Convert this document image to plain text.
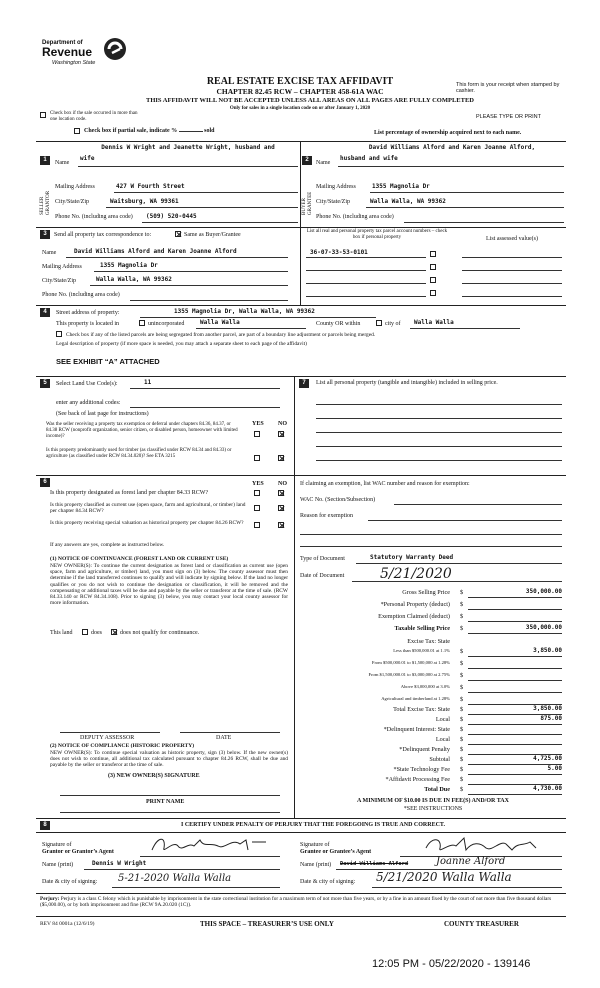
Department of
Revenue
Washington State
REAL ESTATE EXCISE TAX AFFIDAVIT
CHAPTER 82.45 RCW – CHAPTER 458-61A WAC
THIS AFFIDAVIT WILL NOT BE ACCEPTED UNLESS ALL AREAS ON ALL PAGES ARE FULLY COMPLETED
Only for sales in a single location code on or after January 1, 2020
This form is your receipt when stamped by cashier.
PLEASE TYPE OR PRINT
Check box if the sale occurred in more than one location code.
Check box if partial sale, indicate %	sold	List percentage of ownership acquired next to each name.
1
SELLER GRANTOR
Name
Dennis W Wright and Jeanette Wright, husband and
wife
Mailing Address	427 W Fourth Street
City/State/Zip	Waitsburg, WA 99361
Phone No. (including area code) (509) 520-0445
2
BUYER GRANTEE
Name
David Williams Alford and Karen Joanne Alford,
husband and wife
Mailing Address	1355 Magnolia Dr
City/State/Zip	Walla Walla, WA 99362
Phone No. (including area code)
3	Send all property tax correspondence to:	Same as Buyer/Grantee
Name	David Williams Alford and Karen Joanne Alford
Mailing Address	1355 Magnolia Dr
City/State/Zip	Walla Walla, WA 99362
Phone No. (including area code)
List all real and personal property tax parcel account numbers – check box if personal property	List assessed value(s)
36-07-33-53-0101
4	Street address of property:	1355 Magnolia Dr, Walla Walla, WA 99362
This property is located in	unincorporated	Walla Walla	County OR within	city of Walla Walla
Check box if any of the listed parcels are being segregated from another parcel, are part of a boundary line adjustment or parcels being merged.
Legal description of property (if more space is needed, you may attach a separate sheet to each page of the affidavit)
SEE EXHIBIT “A” ATTACHED
5	Select Land Use Code(s):	11
enter any additional codes:
(See back of last page for instructions)
YES NO
Was the seller receiving a property tax exemption or deferral under chapters 84.36, 84.37, or 84.38 RCW (nonprofit organization, senior citizen, or disabled person, homeowner with limited income)?
Is this property predominantly used for timber (as classified under RCW 84.34 and 84.33) or agriculture (as classified under RCW 84.34.020)? See ETA 3215
7	List all personal property (tangible and intangible) included in selling price.
6	YES NO
Is this property designated as forest land per chapter 84.33 RCW?
Is this property classified as current use (open space, farm and agricultural, or timber) land per chapter 84.34 RCW?
Is this property receiving special valuation as historical property per chapter 84.26 RCW?
If any answers are yes, complete as instructed below.
(1) NOTICE OF CONTINUANCE (FOREST LAND OR CURRENT USE)
NEW OWNER(S): To continue the current designation as forest land or classification as current use (open space, farm and agriculture, or timber) land, you must sign on (3) below. The county assessor must then determine if the land transferred continues to qualify and will indicate by signing below. If the land no longer qualifies or you do not wish to continue the designation or classification, it will be removed and the compensating or additional taxes will be due and payable by the seller or transferor at the time of sale. (RCW 84.33.140 or RCW 84.34.108). Prior to signing (3) below, you may contact your local county assessor for more information.
This land	does	does not qualify for continuance.
DEPUTY ASSESSOR	DATE
(2) NOTICE OF COMPLIANCE (HISTORIC PROPERTY)
NEW OWNER(S): To continue special valuation as historic property, sign (3) below. If the new owner(s) does not wish to continue, all additional tax calculated pursuant to chapter 84.26 RCW, shall be due and payable by the seller or transferor at the time of sale.
(3) NEW OWNER(S) SIGNATURE
PRINT NAME
If claiming an exemption, list WAC number and reason for exemption:
WAC No. (Section/Subsection)
Reason for exemption
Type of Document	Statutory Warranty Deed
Date of Document	5/21/2020
Gross Selling Price $	350,000.00
*Personal Property (deduct) $
Exemption Claimed (deduct) $
Taxable Selling Price $	350,000.00
Excise Tax: State
Less than $500,000.01 at 1.1% $	3,850.00
From $500,000.01 to $1,500,000 at 1.28% $
From $1,500,000.01 to $3,000,000 at 2.75% $
Above $3,000,000 at 3.0% $
Agricultural and timberland at 1.28% $
Total Excise Tax: State $	3,850.00
Local $	875.00
*Delinquent Interest: State $
Local $
*Delinquent Penalty $
Subtotal $	4,725.00
*State Technology Fee $	5.00
*Affidavit Processing Fee $
Total Due $	4,730.00
A MINIMUM OF $10.00 IS DUE IN FEE(S) AND/OR TAX
*SEE INSTRUCTIONS
8	I CERTIFY UNDER PENALTY OF PERJURY THAT THE FOREGOING IS TRUE AND CORRECT.
Signature of
Grantor or Grantor’s Agent
Name (print)	Dennis W Wright
Date & city of signing: 5-21-2020 Walla Walla
Signature of
Grantee or Grantee’s Agent
Name (print) David Williams Alford	Joanne Alford
Date & city of signing: 5/21/2020 Walla Walla
Perjury: Perjury is a class C felony which is punishable by imprisonment in the state correctional institution for a maximum term of not more than five years, or by a fine in an amount fixed by the court of not more than five thousand dollars ($5,000.00), or by both imprisonment and fine (RCW 9A.20.020 (1C)).
REV 84 0001a (12/6/19)	THIS SPACE – TREASURER’S USE ONLY	COUNTY TREASURER
12:05 PM - 05/22/2020 - 139146
